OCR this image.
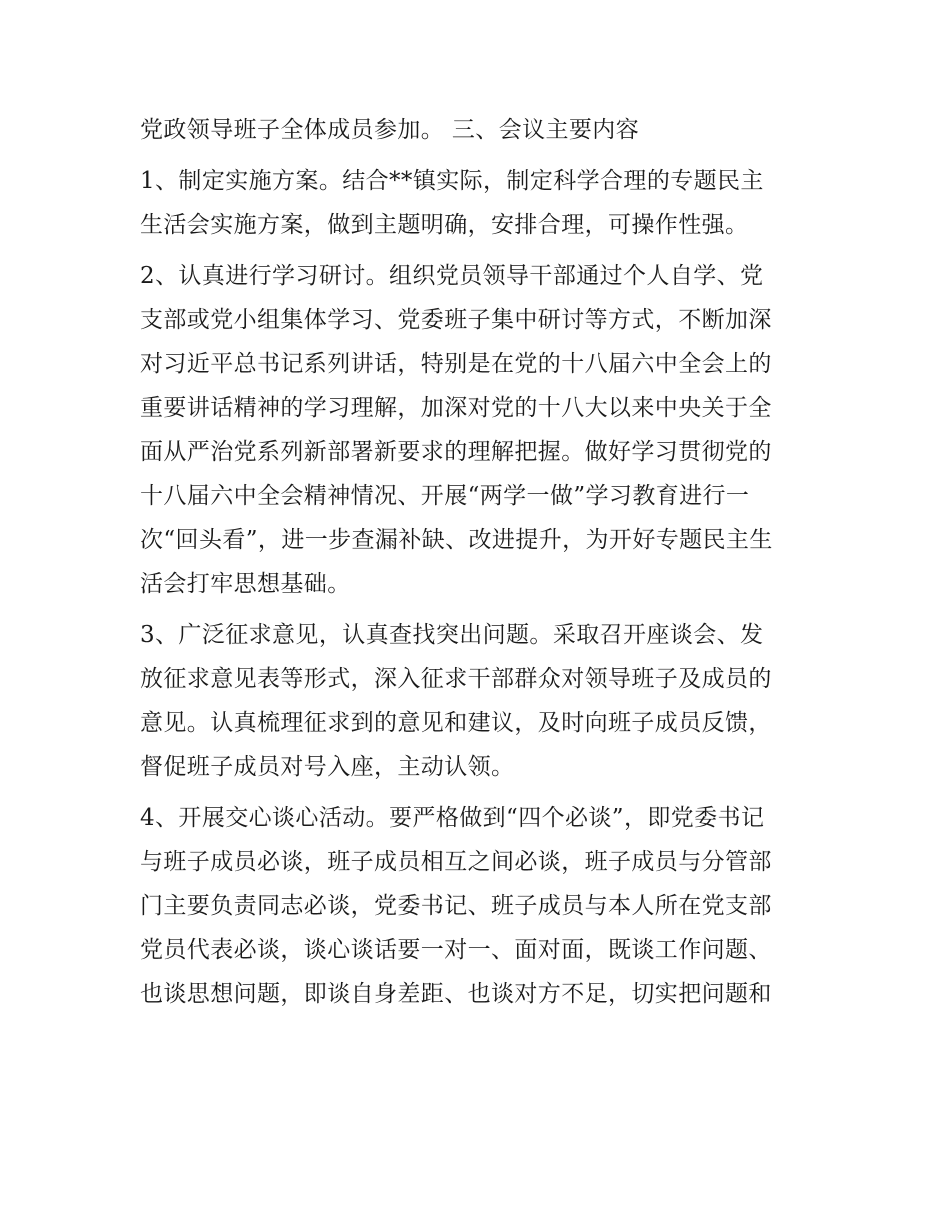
党政领导班子全体成员参加。 三、会议主要内容
1、制定实施方案。结合**镇实际，制定科学合理的专题民主
生活会实施方案，做到主题明确，安排合理，可操作性强。
2、认真进行学习研讨。组织党员领导干部通过个人自学、党
支部或党小组集体学习、党委班子集中研讨等方式，不断加深
对习近平总书记系列讲话，特别是在党的十八届六中全会上的
重要讲话精神的学习理解，加深对党的十八大以来中央关于全
面从严治党系列新部署新要求的理解把握。做好学习贯彻党的
十八届六中全会精神情况、开展“两学一做”学习教育进行一
次“回头看”，进一步查漏补缺、改进提升，为开好专题民主生
活会打牢思想基础。
3、广泛征求意见，认真查找突出问题。采取召开座谈会、发
放征求意见表等形式，深入征求干部群众对领导班子及成员的
意见。认真梳理征求到的意见和建议，及时向班子成员反馈，
督促班子成员对号入座，主动认领。
4、开展交心谈心活动。要严格做到“四个必谈”，即党委书记
与班子成员必谈，班子成员相互之间必谈，班子成员与分管部
门主要负责同志必谈，党委书记、班子成员与本人所在党支部
党员代表必谈，谈心谈话要一对一、面对面，既谈工作问题、
也谈思想问题，即谈自身差距、也谈对方不足，切实把问题和
